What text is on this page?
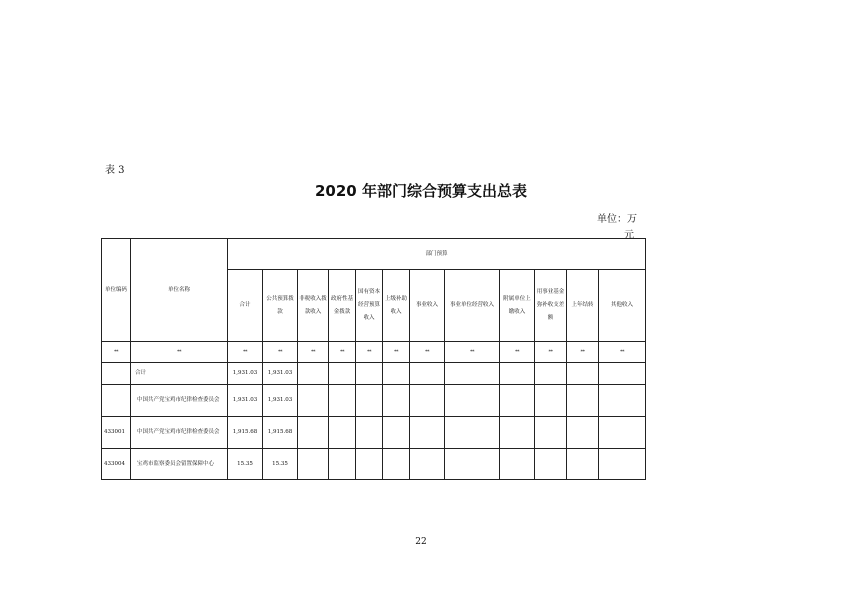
表 3
2020 年部门综合预算支出总表
单位：万
元
单位编码	单位名称	部门预算											
		合计	公共预算拨款	非税收入拨款收入	政府性基金拨款	国有资本经营预算收入	上级补助收入	事业收入	事业单位经营收入	附属单位上缴收入	用事业基金弥补收支差额	上年结转	其他收入
**	**	**	**	**	**	**	**	**	**	**	**	**	**
	合计	1,931.03	1,931.03										
	中国共产党宝鸡市纪律检查委员会	1,931.03	1,931.03										
433001	中国共产党宝鸡市纪律检查委员会	1,915.68	1,915.68										
433004	宝鸡市监察委员会留置保障中心	15.35	15.35										
22
